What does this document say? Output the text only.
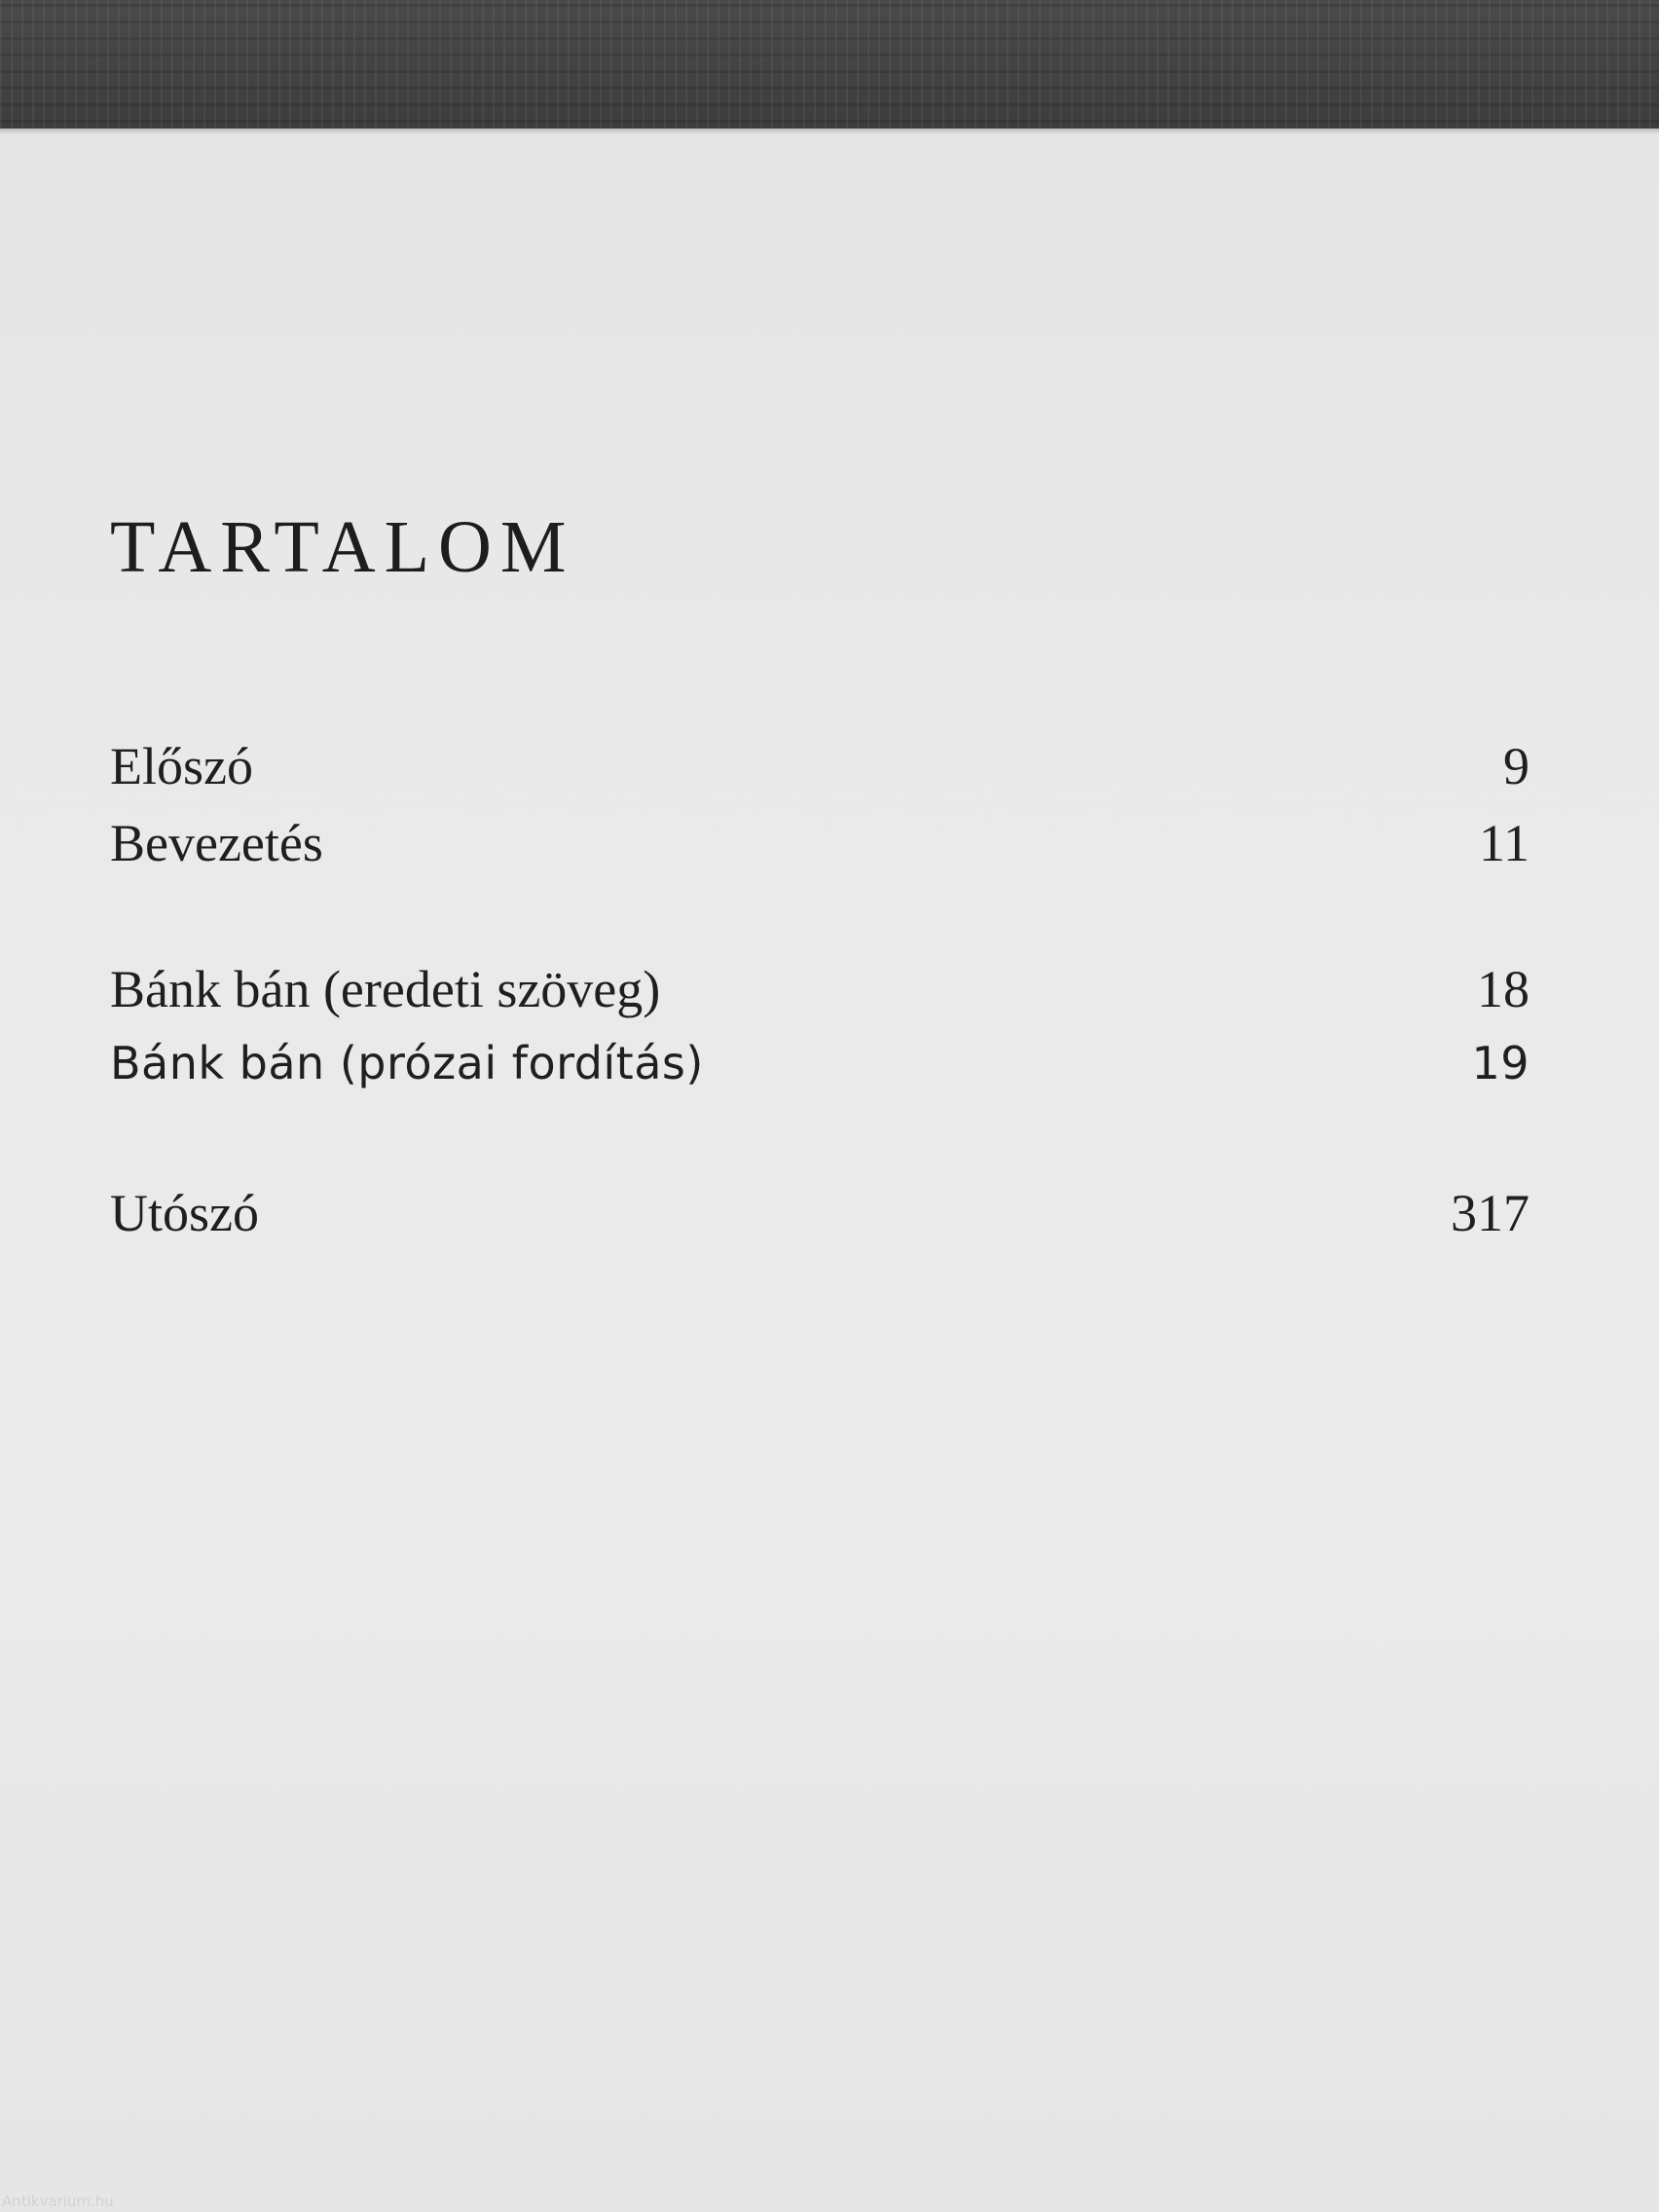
TARTALOM
Előszó	9
Bevezetés	11
Bánk bán (eredeti szöveg)	18
Bánk bán (prózai fordítás)	19
Utószó	317
Antikvarium.hu
